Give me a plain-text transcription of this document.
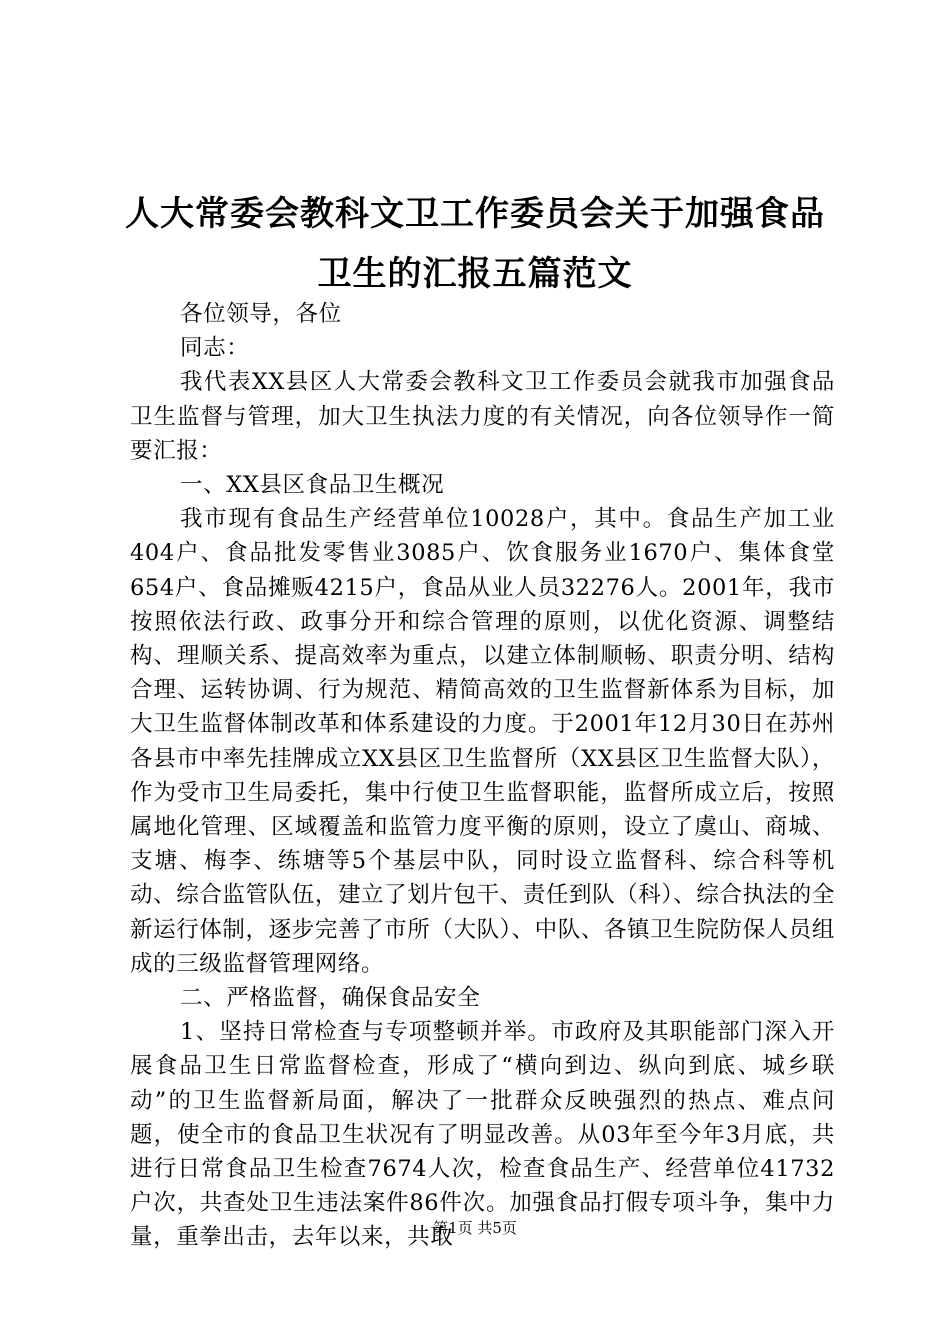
人大常委会教科文卫工作委员会关于加强食品
卫生的汇报五篇范文

各位领导，各位

同志：

我代表XX县区人大常委会教科文卫工作委员会就我市加强食品卫生监督与管理，加大卫生执法力度的有关情况，向各位领导作一简要汇报：

一、XX县区食品卫生概况

我市现有食品生产经营单位10028户，其中。食品生产加工业404户、食品批发零售业3085户、饮食服务业1670户、集体食堂654户、食品摊贩4215户，食品从业人员32276人。2001年，我市按照依法行政、政事分开和综合管理的原则，以优化资源、调整结构、理顺关系、提高效率为重点，以建立体制顺畅、职责分明、结构合理、运转协调、行为规范、精简高效的卫生监督新体系为目标，加大卫生监督体制改革和体系建设的力度。于2001年12月30日在苏州各县市中率先挂牌成立XX县区卫生监督所（XX县区卫生监督大队），作为受市卫生局委托，集中行使卫生监督职能，监督所成立后，按照属地化管理、区域覆盖和监管力度平衡的原则，设立了虞山、商城、支塘、梅李、练塘等5个基层中队，同时设立监督科、综合科等机动、综合监管队伍，建立了划片包干、责任到队（科）、综合执法的全新运行体制，逐步完善了市所（大队）、中队、各镇卫生院防保人员组成的三级监督管理网络。

二、严格监督，确保食品安全

1、坚持日常检查与专项整顿并举。市政府及其职能部门深入开展食品卫生日常监督检查，形成了“横向到边、纵向到底、城乡联动”的卫生监督新局面，解决了一批群众反映强烈的热点、难点问题，使全市的食品卫生状况有了明显改善。从03年至今年3月底，共进行日常食品卫生检查7674人次，检查食品生产、经营单位41732户次，共查处卫生违法案件86件次。加强食品打假专项斗争，集中力量，重拳出击，去年以来，共取

第1页 共5页
